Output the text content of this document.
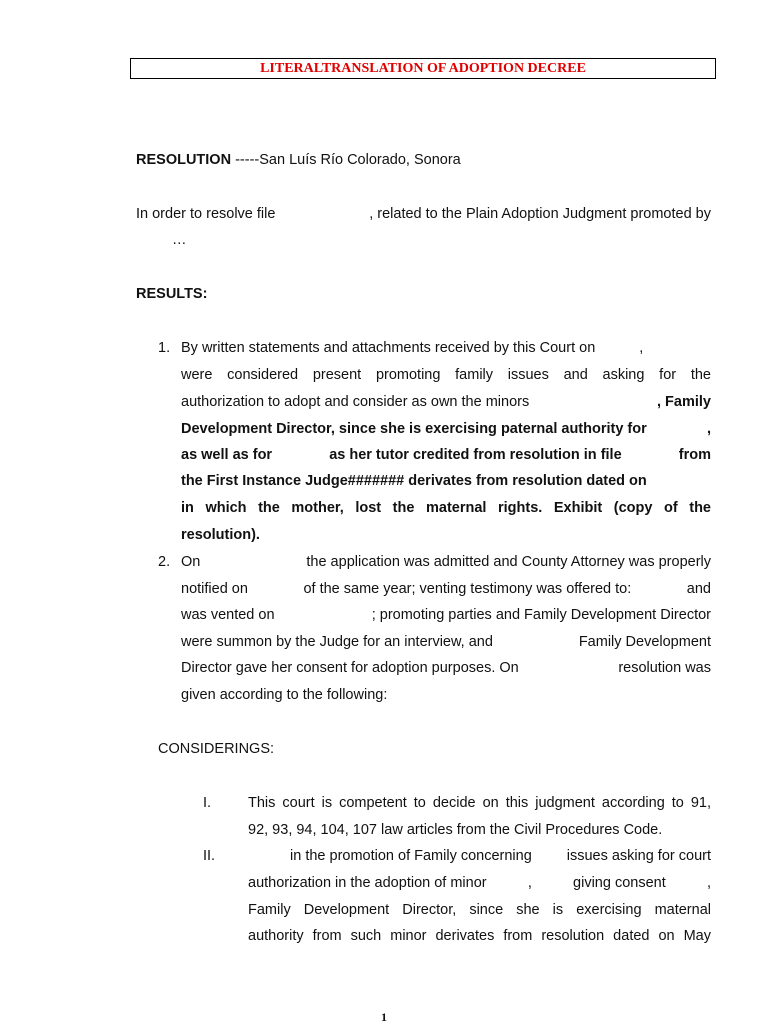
LITERALTRANSLATION OF ADOPTION DECREE
RESOLUTION -----San Luís Río Colorado, Sonora
In order to resolve file	, related to the Plain Adoption Judgment promoted by
…
RESULTS:
1. By written statements and attachments received by this Court on	,
were considered present promoting family issues and asking for the
authorization to adopt and consider as own the minors	, Family
Development Director, since she is exercising paternal authority for	,
as well as for	as her tutor credited from resolution in file	from
the First Instance Judge####### derivates from resolution dated on
in which the mother, lost the maternal rights. Exhibit (copy of the
resolution).
2. On	the application was admitted and County Attorney was properly
notified on	of the same year; venting testimony was offered to:	and
was vented on	; promoting parties and Family Development Director
were summon by the Judge for an interview, and	Family Development
Director gave her consent for adoption purposes. On	resolution was
given according to the following:
CONSIDERINGS:
I.	This court is competent to decide on this judgment according to 91,
92, 93, 94, 104, 107 law articles from the Civil Procedures Code.
II.	in the promotion of Family concerning issues asking for court
authorization in the adoption of minor	,	giving consent	,
Family Development Director, since she is exercising maternal
authority from such minor derivates from resolution dated on May
1
